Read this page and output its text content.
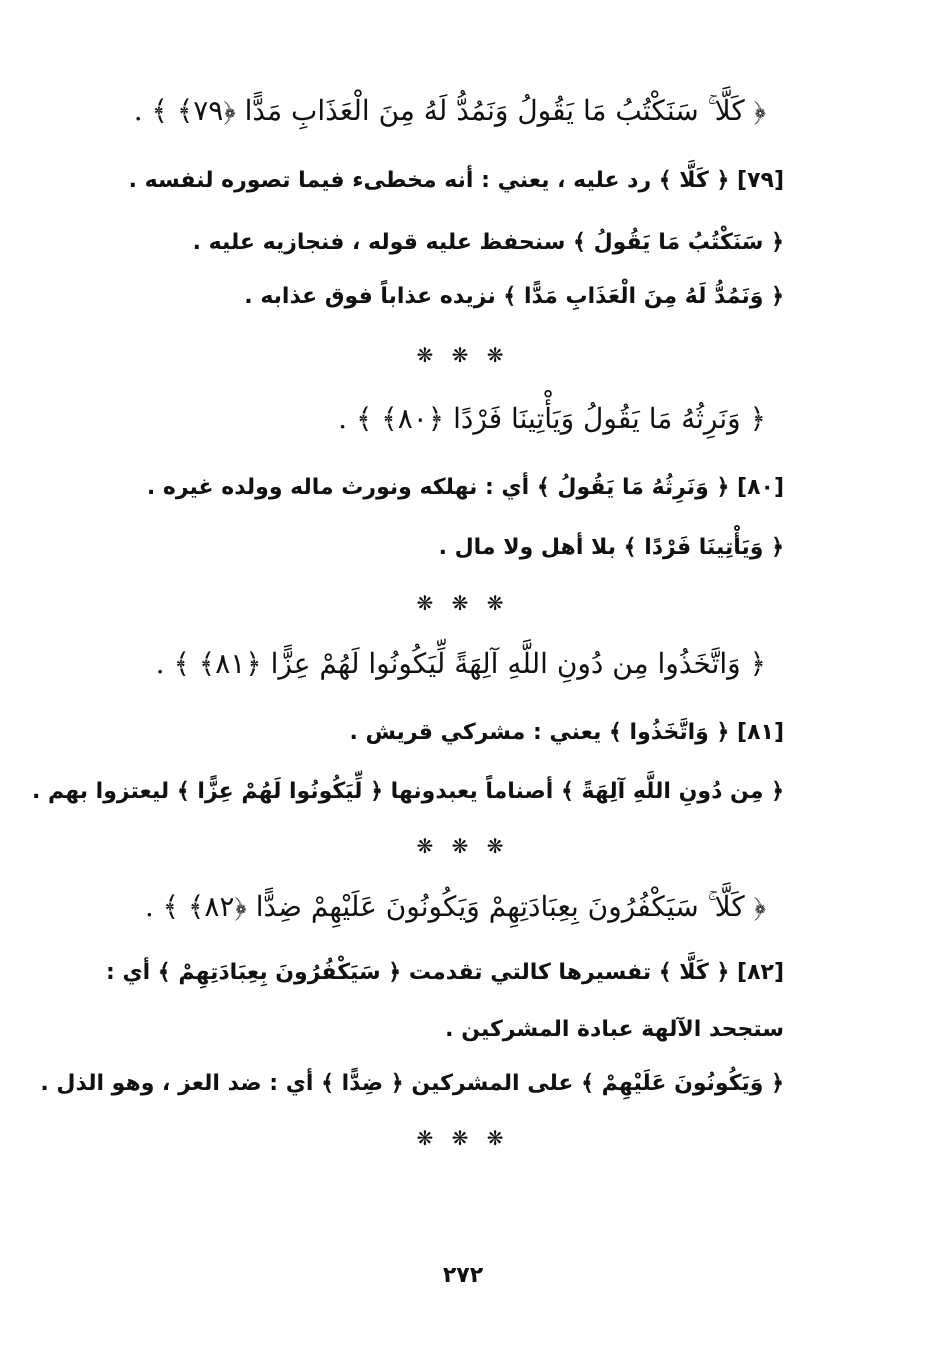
﴿ كَلَّا ۚ سَنَكْتُبُ مَا يَقُولُ وَنَمُدُّ لَهُ مِنَ الْعَذَابِ مَدًّا ﴿٧٩﴾ ﴾ .
[٧٩] ﴿ كَلَّا ﴾ رد عليه ، يعني : أنه مخطىء فيما تصوره لنفسه .
﴿ سَنَكْتُبُ مَا يَقُولُ ﴾ سنحفظ عليه قوله ، فنجازيه عليه .
﴿ وَنَمُدُّ لَهُ مِنَ الْعَذَابِ مَدًّا ﴾ نزيده عذاباً فوق عذابه .
❋ ❋ ❋
﴿ وَنَرِثُهُ مَا يَقُولُ وَيَأْتِينَا فَرْدًا ﴿٨٠﴾ ﴾ .
[٨٠] ﴿ وَنَرِثُهُ مَا يَقُولُ ﴾ أي : نهلكه ونورث ماله وولده غيره .
﴿ وَيَأْتِينَا فَرْدًا ﴾ بلا أهل ولا مال .
❋ ❋ ❋
﴿ وَاتَّخَذُوا مِن دُونِ اللَّهِ آلِهَةً لِّيَكُونُوا لَهُمْ عِزًّا ﴿٨١﴾ ﴾ .
[٨١] ﴿ وَاتَّخَذُوا ﴾ يعني : مشركي قريش .
﴿ مِن دُونِ اللَّهِ آلِهَةً ﴾ أصناماً يعبدونها ﴿ لِّيَكُونُوا لَهُمْ عِزًّا ﴾ ليعتزوا بهم .
❋ ❋ ❋
﴿ كَلَّا ۚ سَيَكْفُرُونَ بِعِبَادَتِهِمْ وَيَكُونُونَ عَلَيْهِمْ ضِدًّا ﴿٨٢﴾ ﴾ .
[٨٢] ﴿ كَلَّا ﴾ تفسيرها كالتي تقدمت ﴿ سَيَكْفُرُونَ بِعِبَادَتِهِمْ ﴾ أي :
ستجحد الآلهة عبادة المشركين .
﴿ وَيَكُونُونَ عَلَيْهِمْ ﴾ على المشركين ﴿ ضِدًّا ﴾ أي : ضد العز ، وهو الذل .
❋ ❋ ❋
٢٧٢
